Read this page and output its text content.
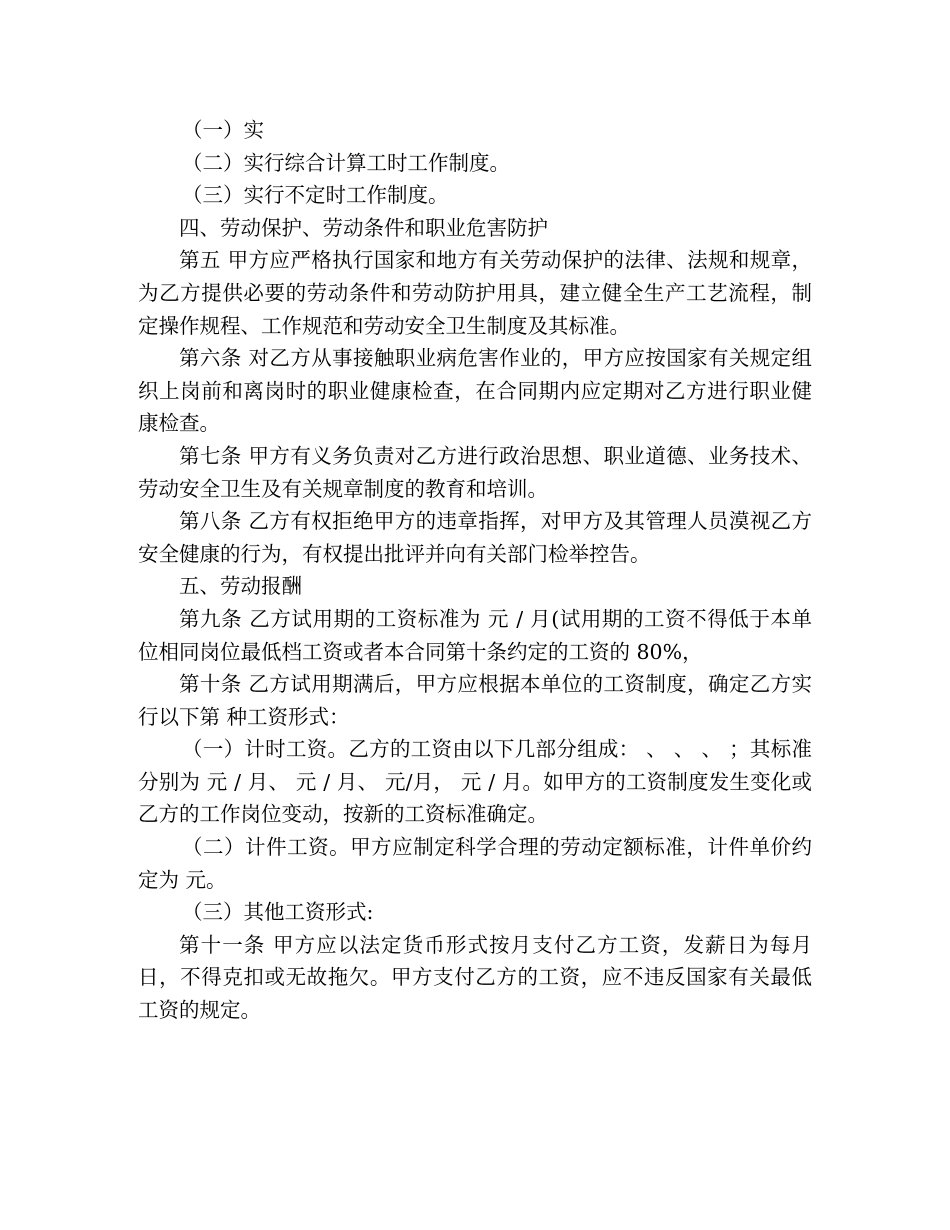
（一）实

（二）实行综合计算工时工作制度。

（三）实行不定时工作制度。

四、劳动保护、劳动条件和职业危害防护

第五 甲方应严格执行国家和地方有关劳动保护的法律、法规和规章，为乙方提供必要的劳动条件和劳动防护用具，建立健全生产工艺流程，制定操作规程、工作规范和劳动安全卫生制度及其标准。

第六条 对乙方从事接触职业病危害作业的，甲方应按国家有关规定组织上岗前和离岗时的职业健康检查，在合同期内应定期对乙方进行职业健康检查。

第七条 甲方有义务负责对乙方进行政治思想、职业道德、业务技术、劳动安全卫生及有关规章制度的教育和培训。

第八条 乙方有权拒绝甲方的违章指挥，对甲方及其管理人员漠视乙方安全健康的行为，有权提出批评并向有关部门检举控告。

五、劳动报酬

第九条 乙方试用期的工资标准为 元 / 月(试用期的工资不得低于本单位相同岗位最低档工资或者本合同第十条约定的工资的 80%，

第十条 乙方试用期满后，甲方应根据本单位的工资制度，确定乙方实行以下第 种工资形式：

（一）计时工资。乙方的工资由以下几部分组成： 、 、 、 ；其标准分别为 元 / 月、 元 / 月、 元/月， 元 / 月。如甲方的工资制度发生变化或乙方的工作岗位变动，按新的工资标准确定。

（二）计件工资。甲方应制定科学合理的劳动定额标准，计件单价约定为 元。

（三）其他工资形式:

第十一条 甲方应以法定货币形式按月支付乙方工资，发薪日为每月 日，不得克扣或无故拖欠。甲方支付乙方的工资，应不违反国家有关最低工资的规定。
